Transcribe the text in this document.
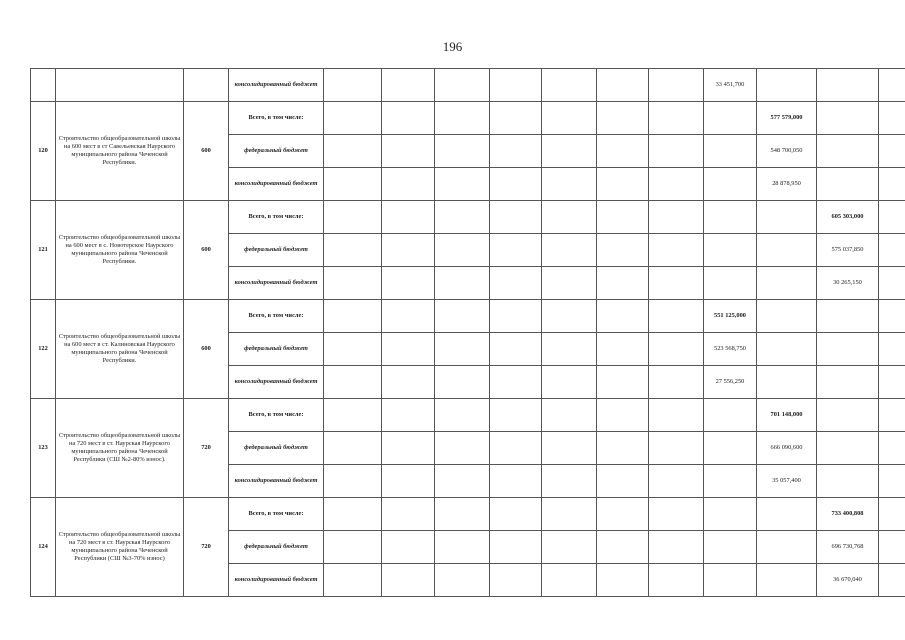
196
			консолидированный бюджет								33 451,700			
120	Строительство общеобразовательной школы на 600 мест в ст Савельевская Наурского муниципального района Чеченской Республики.	600	Всего, в том числе:									577 579,000		
			федеральный бюджет									548 700,050		
			консолидированный бюджет									28 878,950		
121	Строительство общеобразовательной школы на 600 мест в с. Новотерское Наурского муниципального района Чеченской Республики.	600	Всего, в том числе:										605 303,000	
			федеральный бюджет										575 037,850	
			консолидированный бюджет										30 265,150	
122	Строительство общеобразовательной школы на 600 мест в ст. Калиновская Наурского муниципального района Чеченской Республики.	600	Всего, в том числе:								551 125,000			
			федеральный бюджет								523 568,750			
			консолидированный бюджет								27 556,250			
123	Строительство общеобразовательной школы на 720 мест в ст. Наурская Наурского муниципального района Чеченской Республики (СШ №2-80% износ).	720	Всего, в том числе:									701 148,000		
			федеральный бюджет									666 090,600		
			консолидированный бюджет									35 057,400		
124	Строительство общеобразовательной школы на 720 мест в ст. Наурская Наурского муниципального района Чеченской Республики (СШ №3-70% износ)	720	Всего, в том числе:										733 400,808	
			федеральный бюджет										696 730,768	
			консолидированный бюджет										36 670,040	
